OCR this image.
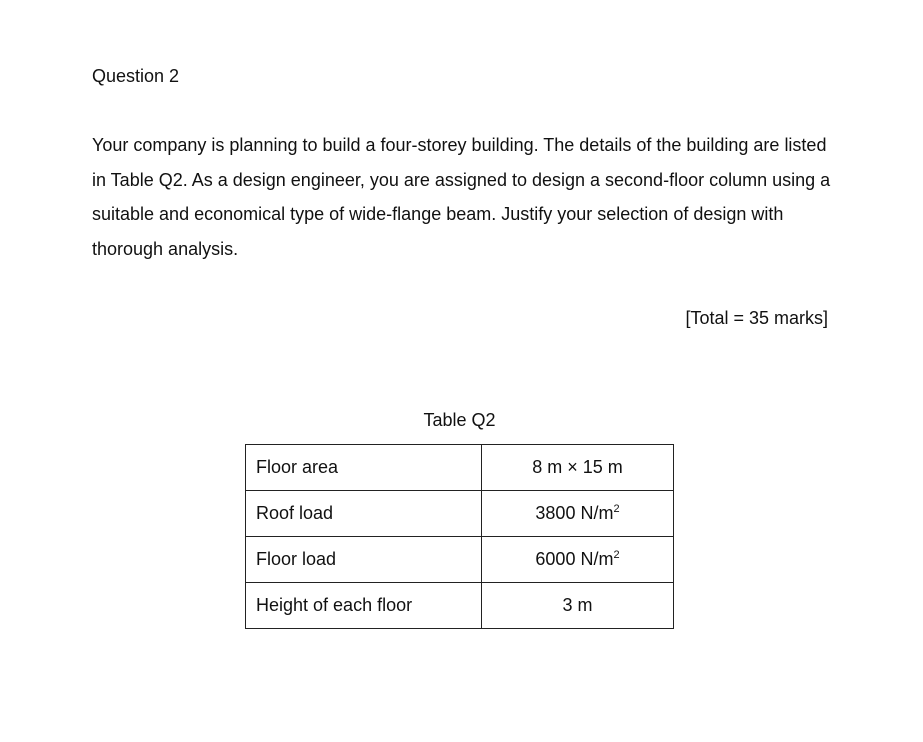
Question 2

Your company is planning to build a four-storey building. The details of the building are listed in Table Q2. As a design engineer, you are assigned to design a second-floor column using a suitable and economical type of wide-flange beam. Justify your selection of design with thorough analysis.

[Total = 35 marks]

Table Q2

Floor area	8 m × 15 m
Roof load	3800 $N/m^2$
Floor load	6000 $N/m^2$
Height of each floor	3 m
